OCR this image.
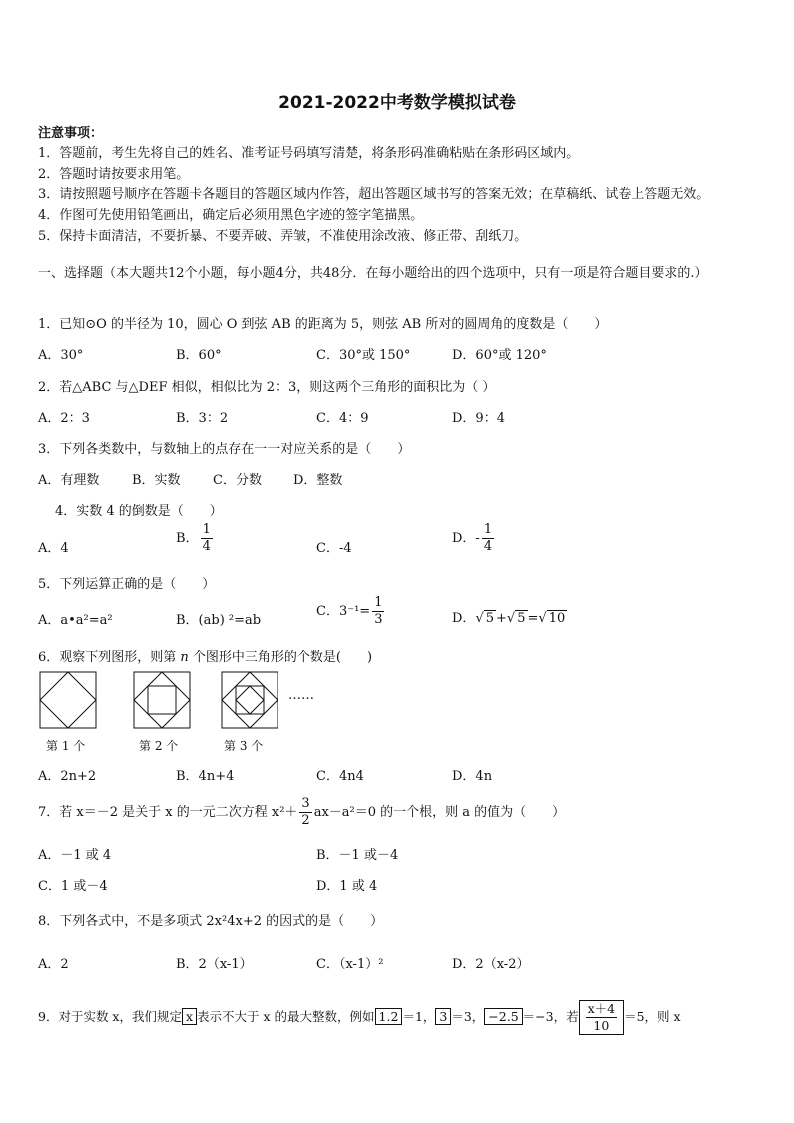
2021-2022中考数学模拟试卷
注意事项：
1．答题前，考生先将自己的姓名、准考证号码填写清楚，将条形码准确粘贴在条形码区域内。
2．答题时请按要求用笔。
3．请按照题号顺序在答题卡各题目的答题区域内作答，超出答题区域书写的答案无效；在草稿纸、试卷上答题无效。
4．作图可先使用铅笔画出，确定后必须用黑色字迹的签字笔描黑。
5．保持卡面清洁，不要折暴、不要弄破、弄皱，不准使用涂改液、修正带、刮纸刀。
一、选择题（本大题共12个小题，每小题4分，共48分．在每小题给出的四个选项中，只有一项是符合题目要求的.）
1．已知⊙O 的半径为 10，圆心 O 到弦 AB 的距离为 5，则弦 AB 所对的圆周角的度数是（　　）
A．30°	B．60°	C．30°或 150°	D．60°或 120°
2．若△ABC 与△DEF 相似，相似比为 2：3，则这两个三角形的面积比为（ ）
A．2：3	B．3：2	C．4：9	D．9：4
3．下列各类数中，与数轴上的点存在一一对应关系的是（　　）
A．有理数	B．实数 C．分数 D．整数
4．实数 4 的倒数是（　　）
A．4
B． $\frac{1}{4}$	C．-4
D．- $\frac{1}{4}$
5．下列运算正确的是（　　）
A．a•a²=a²	B．(ab) ²=ab
C．$3^{-1}= \frac{1}{3}$	D．√ 5 +√ 5 =√ 10
6．观察下列图形，则第 n 个图形中三角形的个数是(　　)
……
第 1 个	第 2 个	第 3 个
A．2n+2	B．4n+4	C．4n4	D．4n
7．若 x＝－2 是关于 x 的一元二次方程 $x^2+ \frac{3}{2} ax-a^2=0$ 的一个根，则 a 的值为（　　）
A．－1 或 4	B．－1 或－4
C．1 或－4	D．1 或 4
8．下列各式中，不是多项式 2x²4x+2 的因式的是（　　）
A．2	B．2（x-1）	C．（x-1）²	D．2（x-2）
9．对于实数 x，我们规定 x 表示不大于 x 的最大整数，例如 1.2 ＝1， 3 ＝3， −2.5 ＝−3，若 $\frac{x+4}{10} =5$，则 x
